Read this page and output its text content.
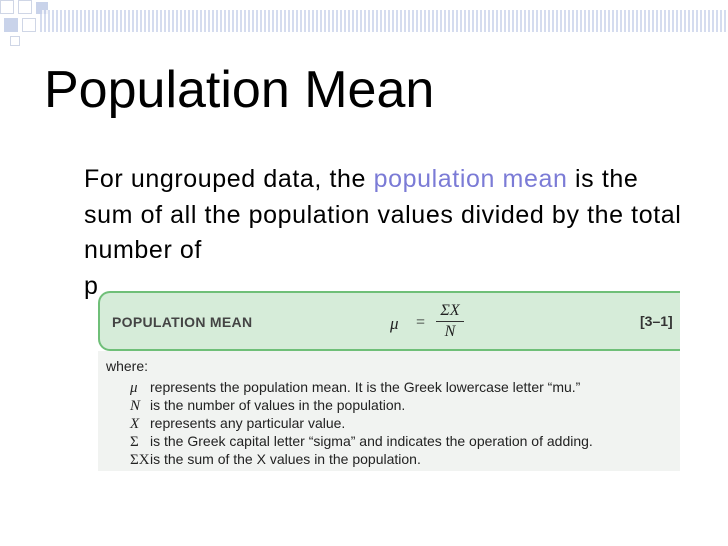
Population Mean
For ungrouped data, the population mean is the sum of all the population values divided by the total number of
p
POPULATION MEAN	μ =
ΣX
N
[3–1]
where:
μ represents the population mean. It is the Greek lowercase letter “mu.”
N is the number of values in the population.
X represents any particular value.
Σ is the Greek capital letter “sigma” and indicates the operation of adding.
ΣXis the sum of the X values in the population.
